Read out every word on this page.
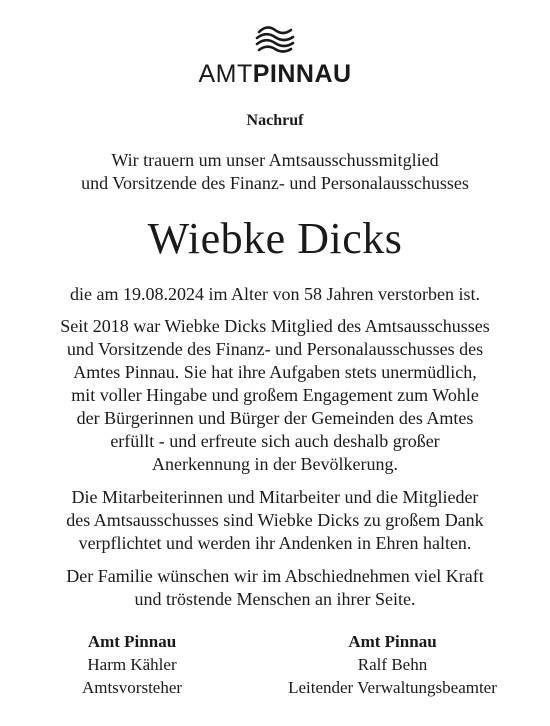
AMTPINNAU
Nachruf
Wir trauern um unser Amtsausschussmitglied
und Vorsitzende des Finanz- und Personalausschusses
Wiebke Dicks
die am 19.08.2024 im Alter von 58 Jahren verstorben ist.
Seit 2018 war Wiebke Dicks Mitglied des Amtsausschusses
und Vorsitzende des Finanz- und Personalausschusses des
Amtes Pinnau. Sie hat ihre Aufgaben stets unermüdlich,
mit voller Hingabe und großem Engagement zum Wohle
der Bürgerinnen und Bürger der Gemeinden des Amtes
erfüllt - und erfreute sich auch deshalb großer
Anerkennung in der Bevölkerung.
Die Mitarbeiterinnen und Mitarbeiter und die Mitglieder
des Amtsausschusses sind Wiebke Dicks zu großem Dank
verpflichtet und werden ihr Andenken in Ehren halten.
Der Familie wünschen wir im Abschiednehmen viel Kraft
und tröstende Menschen an ihrer Seite.
Amt Pinnau
Harm Kähler
Amtsvorsteher
Amt Pinnau
Ralf Behn
Leitender Verwaltungsbeamter
